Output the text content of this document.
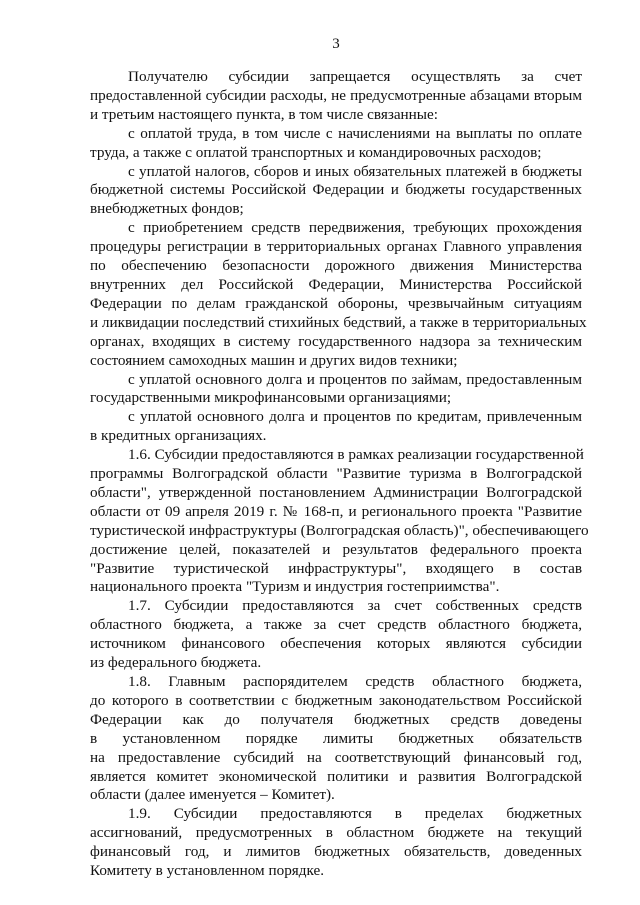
3
Получателю субсидии запрещается осуществлять за счет
предоставленной субсидии расходы, не предусмотренные абзацами вторым
и третьим настоящего пункта, в том числе связанные:
с оплатой труда, в том числе с начислениями на выплаты по оплате
труда, а также с оплатой транспортных и командировочных расходов;
с уплатой налогов, сборов и иных обязательных платежей в бюджеты
бюджетной системы Российской Федерации и бюджеты государственных
внебюджетных фондов;
с приобретением средств передвижения, требующих прохождения
процедуры регистрации в территориальных органах Главного управления
по обеспечению безопасности дорожного движения Министерства
внутренних дел Российской Федерации, Министерства Российской
Федерации по делам гражданской обороны, чрезвычайным ситуациям
и ликвидации последствий стихийных бедствий, а также в территориальных
органах, входящих в систему государственного надзора за техническим
состоянием самоходных машин и других видов техники;
с уплатой основного долга и процентов по займам, предоставленным
государственными микрофинансовыми организациями;
с уплатой основного долга и процентов по кредитам, привлеченным
в кредитных организациях.
1.6. Субсидии предоставляются в рамках реализации государственной
программы Волгоградской области "Развитие туризма в Волгоградской
области", утвержденной постановлением Администрации Волгоградской
области от 09 апреля 2019 г. № 168-п, и регионального проекта "Развитие
туристической инфраструктуры (Волгоградская область)", обеспечивающего
достижение целей, показателей и результатов федерального проекта
"Развитие туристической инфраструктуры", входящего в состав
национального проекта "Туризм и индустрия гостеприимства".
1.7. Субсидии предоставляются за счет собственных средств
областного бюджета, а также за счет средств областного бюджета,
источником финансового обеспечения которых являются субсидии
из федерального бюджета.
1.8. Главным распорядителем средств областного бюджета,
до которого в соответствии с бюджетным законодательством Российской
Федерации как до получателя бюджетных средств доведены
в установленном порядке лимиты бюджетных обязательств
на предоставление субсидий на соответствующий финансовый год,
является комитет экономической политики и развития Волгоградской
области (далее именуется – Комитет).
1.9. Субсидии предоставляются в пределах бюджетных
ассигнований, предусмотренных в областном бюджете на текущий
финансовый год, и лимитов бюджетных обязательств, доведенных
Комитету в установленном порядке.
